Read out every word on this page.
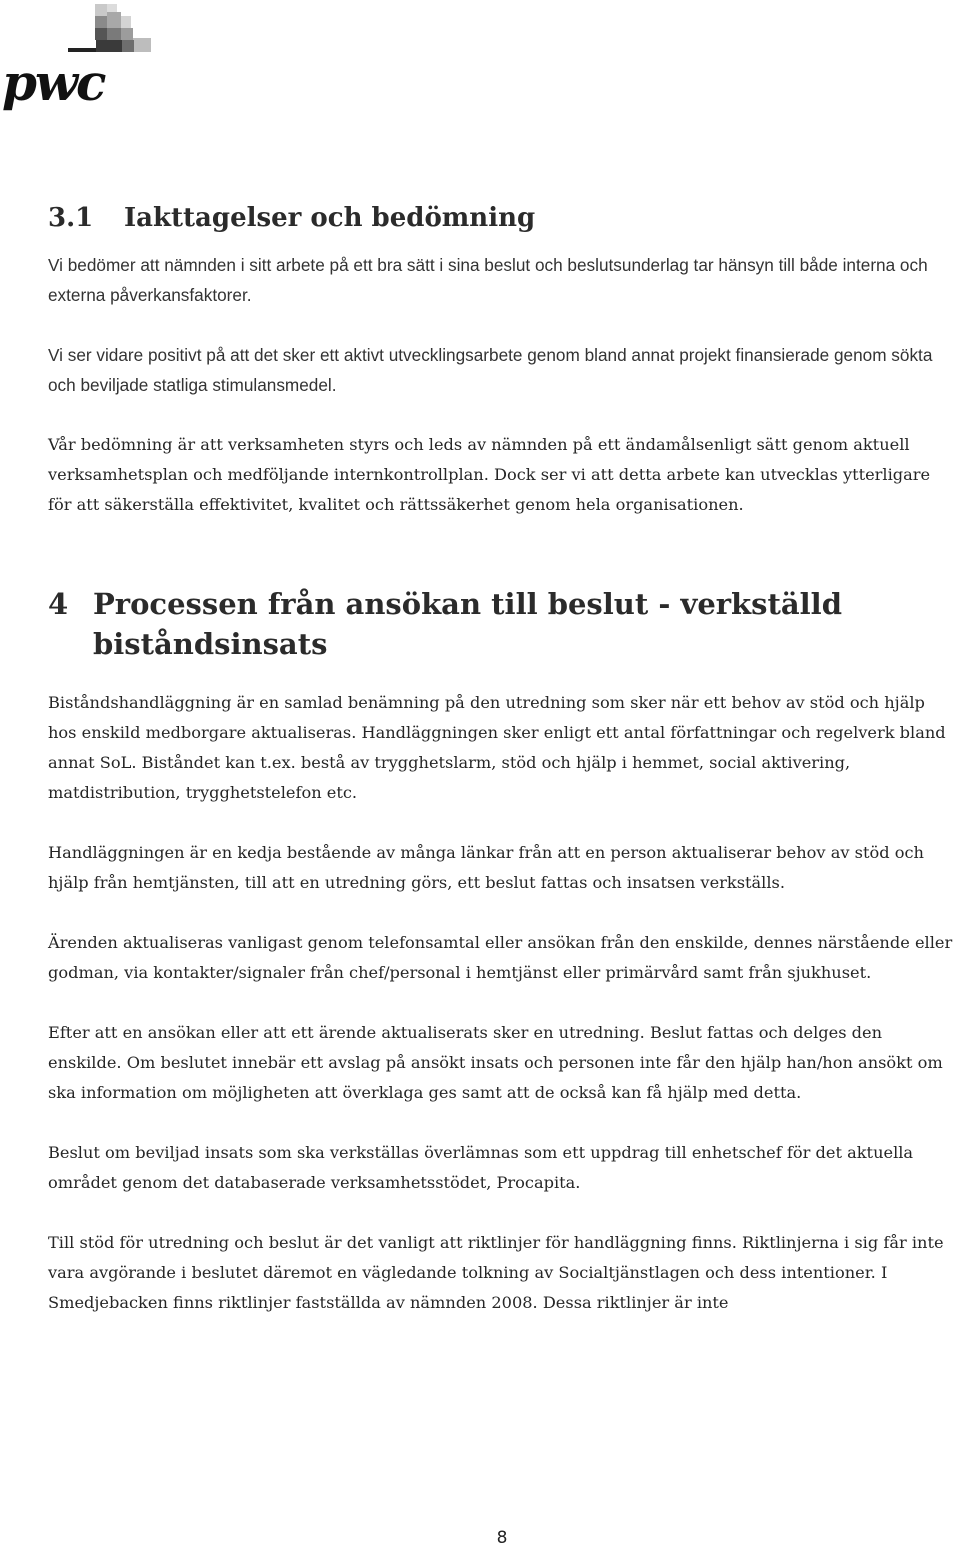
pwc
3.1	Iakttagelser och bedömning

Vi bedömer att nämnden i sitt arbete på ett bra sätt i sina beslut och beslutsunderlag tar hänsyn till både interna och externa påverkansfaktorer.

Vi ser vidare positivt på att det sker ett aktivt utvecklingsarbete genom bland annat projekt finansierade genom sökta och beviljade statliga stimulansmedel.

Vår bedömning är att verksamheten styrs och leds av nämnden på ett ändamålsenligt sätt genom aktuell verksamhetsplan och medföljande internkontrollplan. Dock ser vi att detta arbete kan utvecklas ytterligare för att säkerställa effektivitet, kvalitet och rättssäkerhet genom hela organisationen.

4 Processen från ansökan till beslut - verkställd biståndsinsats

Biståndshandläggning är en samlad benämning på den utredning som sker när ett behov av stöd och hjälp hos enskild medborgare aktualiseras. Handläggningen sker enligt ett antal författningar och regelverk bland annat SoL. Biståndet kan t.ex. bestå av trygghetslarm, stöd och hjälp i hemmet, social aktivering, matdistribution, trygghetstelefon etc.

Handläggningen är en kedja bestående av många länkar från att en person aktualiserar behov av stöd och hjälp från hemtjänsten, till att en utredning görs, ett beslut fattas och insatsen verkställs.

Ärenden aktualiseras vanligast genom telefonsamtal eller ansökan från den enskilde, dennes närstående eller godman, via kontakter/signaler från chef/personal i hemtjänst eller primärvård samt från sjukhuset.

Efter att en ansökan eller att ett ärende aktualiserats sker en utredning. Beslut fattas och delges den enskilde. Om beslutet innebär ett avslag på ansökt insats och personen inte får den hjälp han/hon ansökt om ska information om möjligheten att överklaga ges samt att de också kan få hjälp med detta.

Beslut om beviljad insats som ska verkställas överlämnas som ett uppdrag till enhetschef för det aktuella området genom det databaserade verksamhetsstödet, Procapita.

Till stöd för utredning och beslut är det vanligt att riktlinjer för handläggning finns. Riktlinjerna i sig får inte vara avgörande i beslutet däremot en vägledande tolkning av Socialtjänstlagen och dess intentioner. I Smedjebacken finns riktlinjer fastställda av nämnden 2008. Dessa riktlinjer är inte

8
